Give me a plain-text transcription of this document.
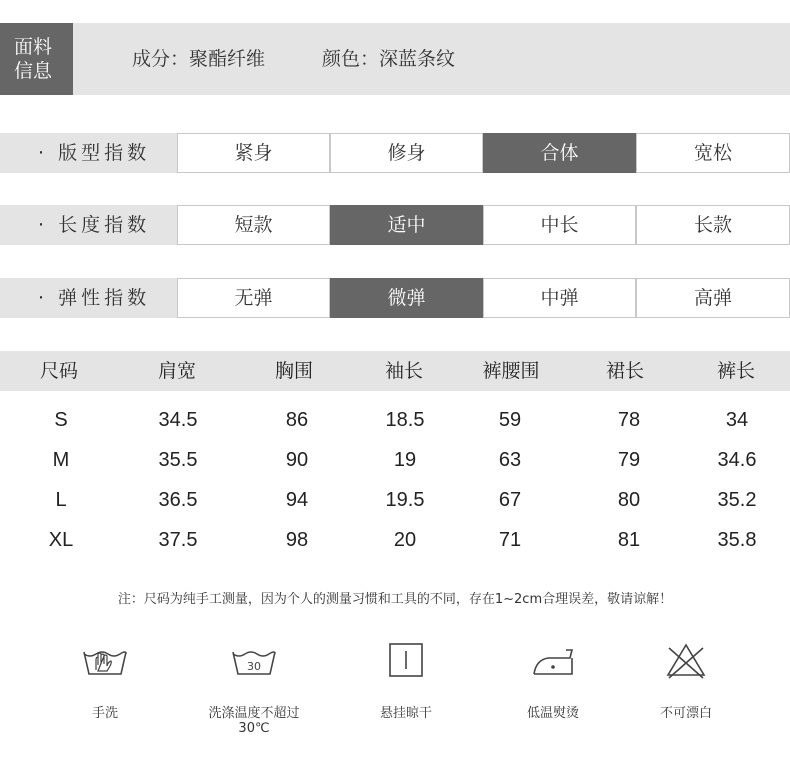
面料
信息
成分：聚酯纤维	颜色：深蓝条纹
· 版型指数	紧身	修身	合体	宽松
· 长度指数	短款	适中	中长	长款
· 弹性指数	无弹	微弹	中弹	高弹
尺码	肩宽	胸围	袖长	裤腰围	裙长	裤长
S	34.5	86	18.5	59	78	34
M	35.5	90	19	63	79	34.6
L	36.5	94	19.5	67	80	35.2
XL	37.5	98	20	71	81	35.8
注：尺码为纯手工测量，因为个人的测量习惯和工具的不同，存在1~2cm合理误差，敬请谅解！
手洗
30
洗涤温度不超过30℃
悬挂晾干	低温熨烫	不可漂白
